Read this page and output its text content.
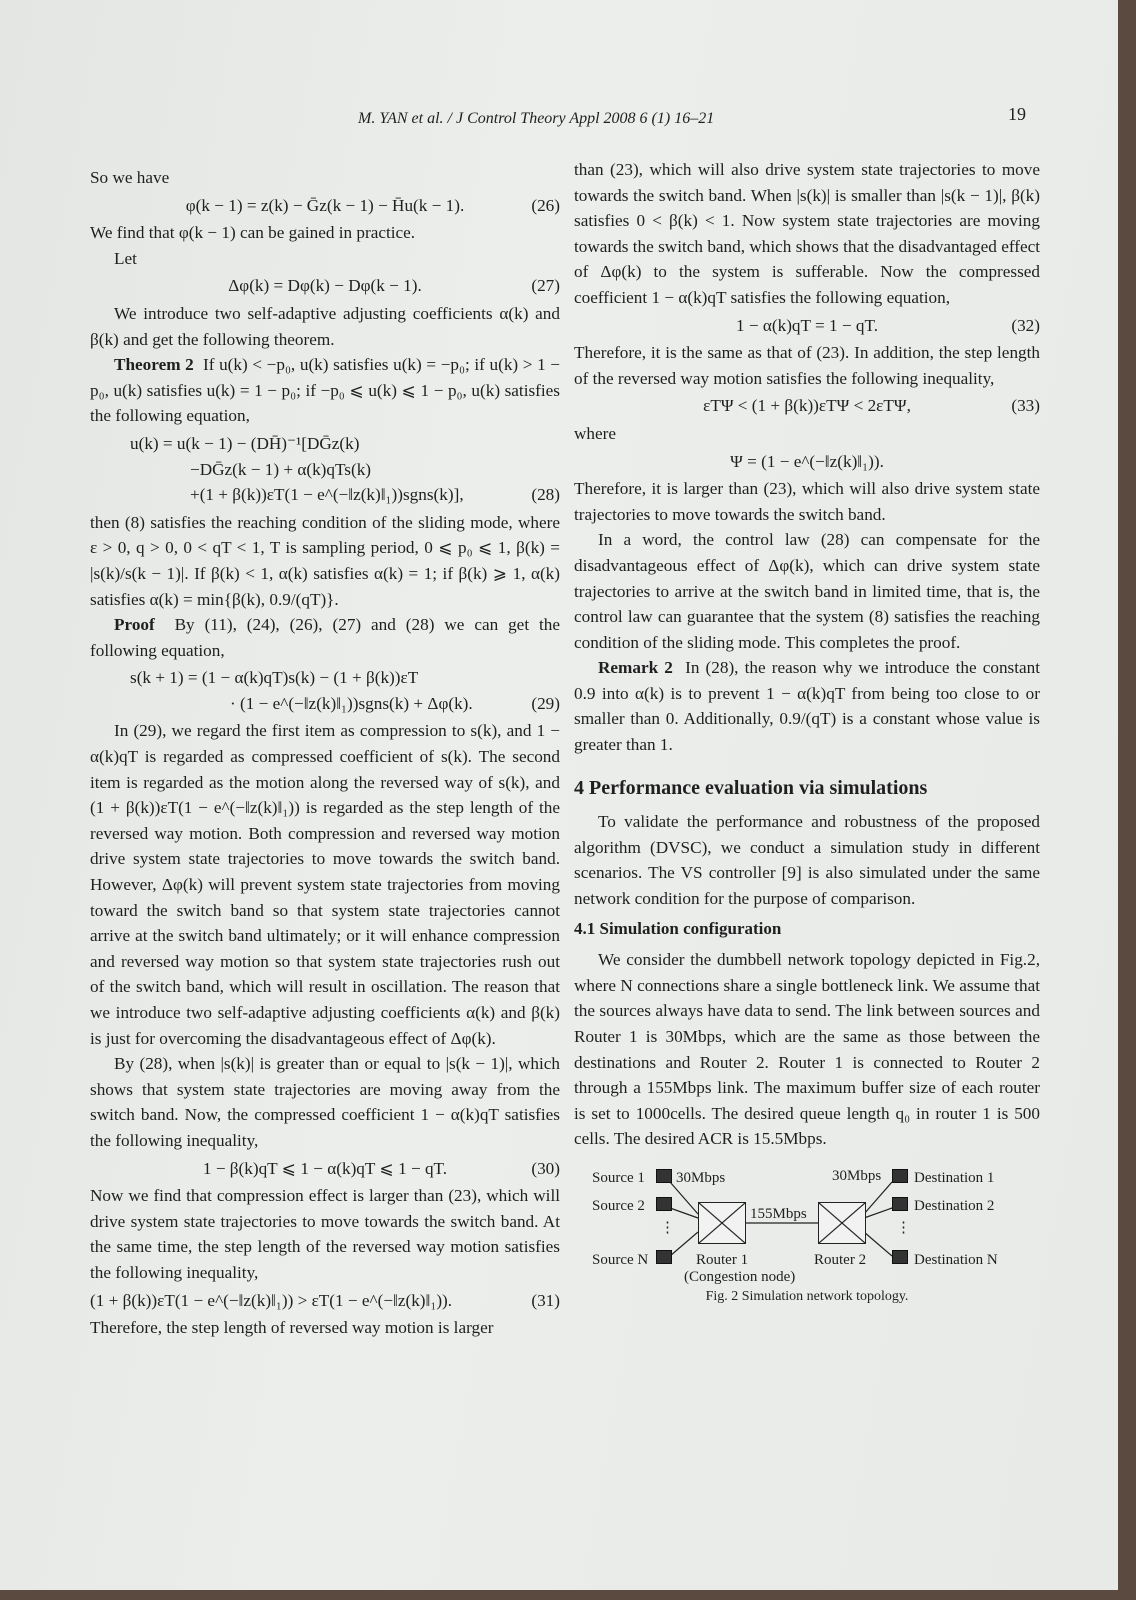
M. YAN et al. / J Control Theory Appl 2008 6 (1) 16–21	19

So we have

φ(k − 1) = z(k) − Ḡz(k − 1) − H̄u(k − 1).	(26)

We find that φ(k − 1) can be gained in practice.

Let

Δφ(k) = Dφ(k) − Dφ(k − 1).	(27)

We introduce two self-adaptive adjusting coefficients α(k) and β(k) and get the following theorem.

Theorem 2 If u(k) < −p₀, u(k) satisfies u(k) = −p₀; if u(k) > 1 − p₀, u(k) satisfies u(k) = 1 − p₀; if −p₀ ⩽ u(k) ⩽ 1 − p₀, u(k) satisfies the following equation,

u(k) = u(k − 1) − (DH̄)⁻¹[DḠz(k)
−DḠz(k − 1) + α(k)qTs(k)
+(1 + β(k))εT(1 − e^(−‖z(k)‖₁))sgns(k)],	(28)

then (8) satisfies the reaching condition of the sliding mode, where ε > 0, q > 0, 0 < qT < 1, T is sampling period, 0 ⩽ p₀ ⩽ 1, β(k) = |s(k)/s(k − 1)|. If β(k) < 1, α(k) satisfies α(k) = 1; if β(k) ⩾ 1, α(k) satisfies α(k) = min{β(k), 0.9/(qT)}.

Proof By (11), (24), (26), (27) and (28) we can get the following equation,

s(k + 1) = (1 − α(k)qT)s(k) − (1 + β(k))εT
· (1 − e^(−‖z(k)‖₁))sgns(k) + Δφ(k).	(29)

In (29), we regard the first item as compression to s(k), and 1 − α(k)qT is regarded as compressed coefficient of s(k). The second item is regarded as the motion along the reversed way of s(k), and (1 + β(k))εT(1 − e^(−‖z(k)‖₁)) is regarded as the step length of the reversed way motion. Both compression and reversed way motion drive system state trajectories to move towards the switch band. However, Δφ(k) will prevent system state trajectories from moving toward the switch band so that system state trajectories cannot arrive at the switch band ultimately; or it will enhance compression and reversed way motion so that system state trajectories rush out of the switch band, which will result in oscillation. The reason that we introduce two self-adaptive adjusting coefficients α(k) and β(k) is just for overcoming the disadvantageous effect of Δφ(k).

By (28), when |s(k)| is greater than or equal to |s(k − 1)|, which shows that system state trajectories are moving away from the switch band. Now, the compressed coefficient 1 − α(k)qT satisfies the following inequality,

1 − β(k)qT ⩽ 1 − α(k)qT ⩽ 1 − qT.	(30)

Now we find that compression effect is larger than (23), which will drive system state trajectories to move towards the switch band. At the same time, the step length of the reversed way motion satisfies the following inequality,

(1 + β(k))εT(1 − e^(−‖z(k)‖₁)) > εT(1 − e^(−‖z(k)‖₁)).	(31)

Therefore, the step length of reversed way motion is larger

than (23), which will also drive system state trajectories to move towards the switch band. When |s(k)| is smaller than |s(k − 1)|, β(k) satisfies 0 < β(k) < 1. Now system state trajectories are moving towards the switch band, which shows that the disadvantaged effect of Δφ(k) to the system is sufferable. Now the compressed coefficient 1 − α(k)qT satisfies the following equation,

1 − α(k)qT = 1 − qT.	(32)

Therefore, it is the same as that of (23). In addition, the step length of the reversed way motion satisfies the following inequality,

εTΨ < (1 + β(k))εTΨ < 2εTΨ,	(33)

where

Ψ = (1 − e^(−‖z(k)‖₁)).

Therefore, it is larger than (23), which will also drive system state trajectories to move towards the switch band.

In a word, the control law (28) can compensate for the disadvantageous effect of Δφ(k), which can drive system state trajectories to arrive at the switch band in limited time, that is, the control law can guarantee that the system (8) satisfies the reaching condition of the sliding mode. This completes the proof.

Remark 2 In (28), the reason why we introduce the constant 0.9 into α(k) is to prevent 1 − α(k)qT from being too close to or smaller than 0. Additionally, 0.9/(qT) is a constant whose value is greater than 1.

4 Performance evaluation via simulations

To validate the performance and robustness of the proposed algorithm (DVSC), we conduct a simulation study in different scenarios. The VS controller [9] is also simulated under the same network condition for the purpose of comparison.

4.1 Simulation configuration

We consider the dumbbell network topology depicted in Fig.2, where N connections share a single bottleneck link. We assume that the sources always have data to send. The link between sources and Router 1 is 30Mbps, which are the same as those between the destinations and Router 2. Router 1 is connected to Router 2 through a 155Mbps link. The maximum buffer size of each router is set to 1000cells. The desired queue length q₀ in router 1 is 500 cells. The desired ACR is 15.5Mbps.

Source 1 30Mbps
Source 2
⋮
Source N
155Mbps
Router 1
(Congestion node)
Router 2
30Mbps Destination 1
Destination 2
⋮
Destination N
Fig. 2 Simulation network topology.
